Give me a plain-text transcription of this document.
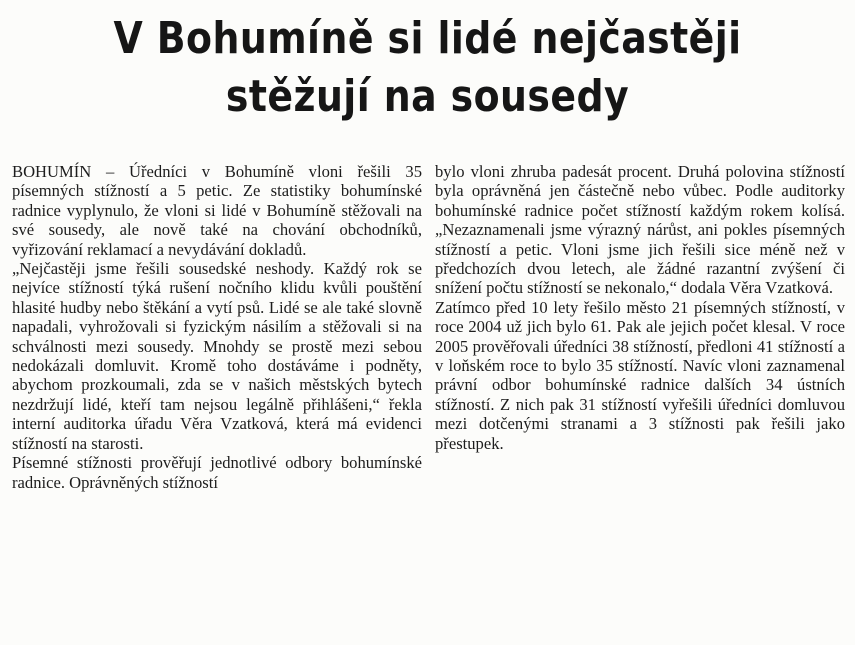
V Bohumíně si lidé nejčastěji
stěžují na sousedy

BOHUMÍN – Úředníci v Bohumíně vloni řešili 35 písemných stížností a 5 petic. Ze statistiky bohumínské radnice vyplynulo, že vloni si lidé v Bohumíně stěžovali na své sousedy, ale nově také na chování obchodníků, vyřizování reklamací a nevydávání dokladů.

„Nejčastěji jsme řešili sousedské neshody. Každý rok se nejvíce stížností týká rušení nočního klidu kvůli pouštění hlasité hudby nebo štěkání a vytí psů. Lidé se ale také slovně napadali, vyhrožovali si fyzickým násilím a stěžovali si na schválnosti mezi sousedy. Mnohdy se prostě mezi sebou nedokázali domluvit. Kromě toho dostáváme i podněty, abychom prozkoumali, zda se v našich městských bytech nezdržují lidé, kteří tam nejsou legálně přihlášeni,“ řekla interní auditorka úřadu Věra Vzatková, která má evidenci stížností na starosti.

Písemné stížnosti prověřují jednotlivé odbory bohumínské radnice. Oprávněných stížností

bylo vloni zhruba padesát procent. Druhá polovina stížností byla oprávněná jen částečně nebo vůbec. Podle auditorky bohumínské radnice počet stížností každým rokem kolísá. „Nezaznamenali jsme výrazný nárůst, ani pokles písemných stížností a petic. Vloni jsme jich řešili sice méně než v předchozích dvou letech, ale žádné razantní zvýšení či snížení počtu stížností se nekonalo,“ dodala Věra Vzatková.

Zatímco před 10 lety řešilo město 21 písemných stížností, v roce 2004 už jich bylo 61. Pak ale jejich počet klesal. V roce 2005 prověřovali úředníci 38 stížností, předloni 41 stížností a v loňském roce to bylo 35 stížností. Navíc vloni zaznamenal právní odbor bohumínské radnice dalších 34 ústních stížností. Z nich pak 31 stížností vyřešili úředníci domluvou mezi dotčenými stranami a 3 stížnosti pak řešili jako přestupek.
